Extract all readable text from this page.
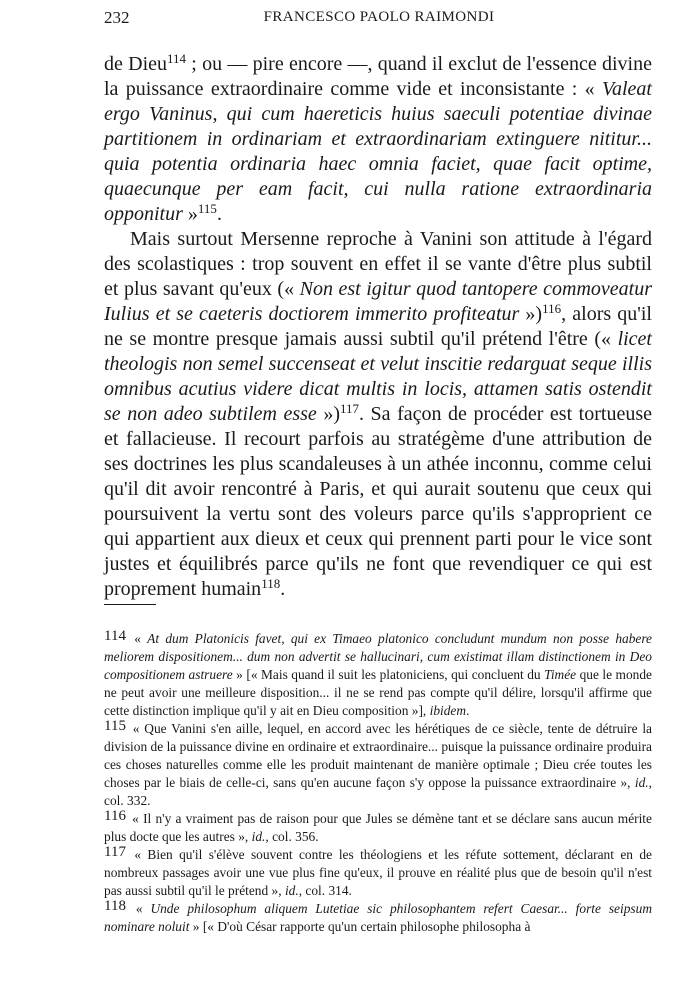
232	FRANCESCO PAOLO RAIMONDI

de Dieu$^{114}$ ; ou — pire encore —, quand il exclut de l'essence divine la puissance extraordinaire comme vide et inconsistante : « Valeat ergo Vaninus, qui cum haereticis huius saeculi potentiae divinae partitionem in ordinariam et extraordinariam extinguere nititur... quia potentia ordinaria haec omnia faciet, quae facit optime, quaecunque per eam facit, cui nulla ratione extraordinaria opponitur »$^{115}$.

Mais surtout Mersenne reproche à Vanini son attitude à l'égard des scolastiques : trop souvent en effet il se vante d'être plus subtil et plus savant qu'eux (« Non est igitur quod tantopere commoveatur Iulius et se caeteris doctiorem immerito profiteatur »)$^{116}$, alors qu'il ne se montre presque jamais aussi subtil qu'il prétend l'être (« licet theologis non semel succenseat et velut inscitie redarguat seque illis omnibus acutius videre dicat multis in locis, attamen satis ostendit se non adeo subtilem esse »)$^{117}$. Sa façon de procéder est tortueuse et fallacieuse. Il recourt parfois au stratégème d'une attribution de ses doctrines les plus scandaleuses à un athée inconnu, comme celui qu'il dit avoir rencontré à Paris, et qui aurait soutenu que ceux qui poursuivent la vertu sont des voleurs parce qu'ils s'approprient ce qui appartient aux dieux et ceux qui prennent parti pour le vice sont justes et équilibrés parce qu'ils ne font que revendiquer ce qui est proprement humain$^{118}$.

114 « At dum Platonicis favet, qui ex Timaeo platonico concludunt mundum non posse habere meliorem dispositionem... dum non advertit se hallucinari, cum existimat illam distinctionem in Deo compositionem astruere » [« Mais quand il suit les platoniciens, qui concluent du Timée que le monde ne peut avoir une meilleure disposition... il ne se rend pas compte qu'il délire, lorsqu'il affirme que cette distinction implique qu'il y ait en Dieu composition »], ibidem.

115 « Que Vanini s'en aille, lequel, en accord avec les hérétiques de ce siècle, tente de détruire la division de la puissance divine en ordinaire et extraordinaire... puisque la puissance ordinaire produira ces choses naturelles comme elle les produit maintenant de manière optimale ; Dieu crée toutes les choses par le biais de celle-ci, sans qu'en aucune façon s'y oppose la puissance extraordinaire », id., col. 332.

116 « Il n'y a vraiment pas de raison pour que Jules se démène tant et se déclare sans aucun mérite plus docte que les autres », id., col. 356.

117 « Bien qu'il s'élève souvent contre les théologiens et les réfute sottement, déclarant en de nombreux passages avoir une vue plus fine qu'eux, il prouve en réalité plus que de besoin qu'il n'est pas aussi subtil qu'il le prétend », id., col. 314.

118 « Unde philosophum aliquem Lutetiae sic philosophantem refert Caesar... forte seipsum nominare noluit » [« D'où César rapporte qu'un certain philosophe philosopha à
